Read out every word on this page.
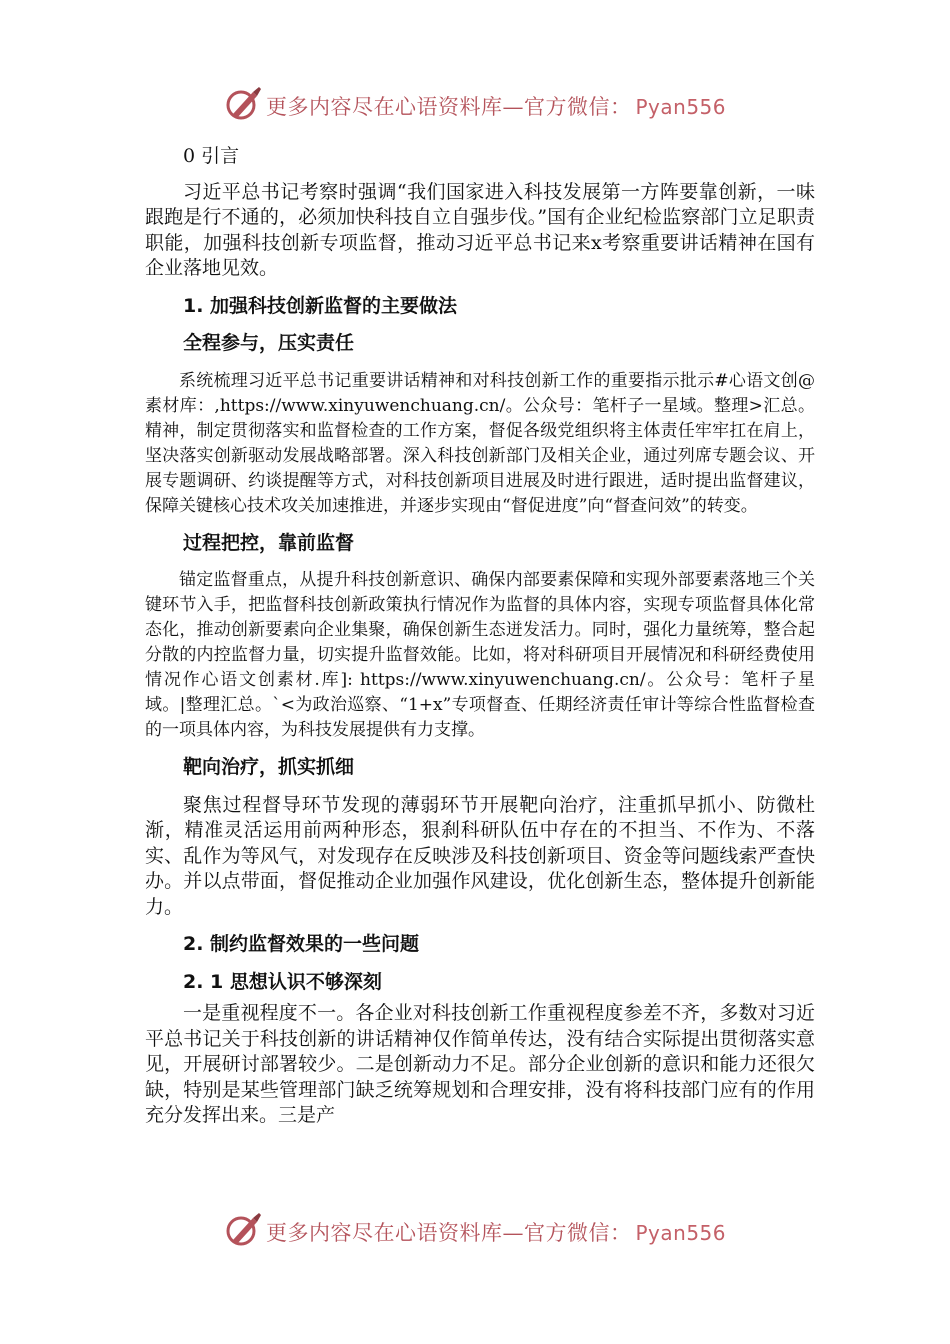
更多内容尽在心语资料库—官方微信： Pyan556

0 引言

习近平总书记考察时强调“我们国家进入科技发展第一方阵要靠创新，一味跟跑是行不通的，必须加快科技自立自强步伐。”国有企业纪检监察部门立足职责职能，加强科技创新专项监督，推动习近平总书记来x考察重要讲话精神在国有企业落地见效。

1. 加强科技创新监督的主要做法

全程参与，压实责任

系统梳理习近平总书记重要讲话精神和对科技创新工作的重要指示批示#心语文创@素材库：,https://www.xinyuwenchuang.cn/。公众号：笔杆子一星域。整理>汇总。精神，制定贯彻落实和监督检查的工作方案，督促各级党组织将主体责任牢牢扛在肩上，坚决落实创新驱动发展战略部署。深入科技创新部门及相关企业，通过列席专题会议、开展专题调研、约谈提醒等方式，对科技创新项目进展及时进行跟进，适时提出监督建议，保障关键核心技术攻关加速推进，并逐步实现由“督促进度”向“督查问效”的转变。

过程把控，靠前监督

锚定监督重点，从提升科技创新意识、确保内部要素保障和实现外部要素落地三个关键环节入手，把监督科技创新政策执行情况作为监督的具体内容，实现专项监督具体化常态化，推动创新要素向企业集聚，确保创新生态迸发活力。同时，强化力量统筹，整合起分散的内控监督力量，切实提升监督效能。比如，将对科研项目开展情况和科研经费使用情况作心语文创素材.库]: https://www.xinyuwenchuang.cn/。公众号：笔杆子星域。|整理汇总。`<为政治巡察、“1+x”专项督查、任期经济责任审计等综合性监督检查的一项具体内容，为科技发展提供有力支撑。

靶向治疗，抓实抓细

聚焦过程督导环节发现的薄弱环节开展靶向治疗，注重抓早抓小、防微杜渐，精准灵活运用前两种形态，狠刹科研队伍中存在的不担当、不作为、不落实、乱作为等风气，对发现存在反映涉及科技创新项目、资金等问题线索严查快办。并以点带面，督促推动企业加强作风建设，优化创新生态，整体提升创新能力。

2. 制约监督效果的一些问题

2. 1 思想认识不够深刻

一是重视程度不一。各企业对科技创新工作重视程度参差不齐，多数对习近平总书记关于科技创新的讲话精神仅作简单传达，没有结合实际提出贯彻落实意见，开展研讨部署较少。二是创新动力不足。部分企业创新的意识和能力还很欠缺，特别是某些管理部门缺乏统筹规划和合理安排，没有将科技部门应有的作用充分发挥出来。三是产

更多内容尽在心语资料库—官方微信： Pyan556
